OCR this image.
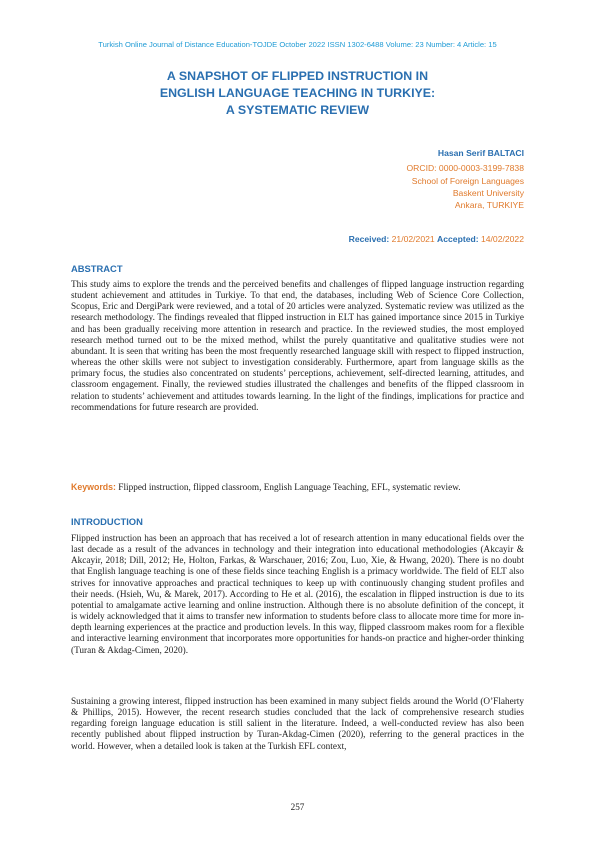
Turkish Online Journal of Distance Education-TOJDE October 2022 ISSN 1302-6488 Volume: 23 Number: 4 Article: 15
A SNAPSHOT OF FLIPPED INSTRUCTION IN
ENGLISH LANGUAGE TEACHING IN TURKIYE:
A SYSTEMATIC REVIEW
Hasan Serif BALTACI
ORCID: 0000-0003-3199-7838
School of Foreign Languages
Baskent University
Ankara, TURKIYE
Received: 21/02/2021 Accepted: 14/02/2022
ABSTRACT

This study aims to explore the trends and the perceived benefits and challenges of flipped language instruction regarding student achievement and attitudes in Turkiye. To that end, the databases, including Web of Science Core Collection, Scopus, Eric and DergiPark were reviewed, and a total of 20 articles were analyzed. Systematic review was utilized as the research methodology. The findings revealed that flipped instruction in ELT has gained importance since 2015 in Turkiye and has been gradually receiving more attention in research and practice. In the reviewed studies, the most employed research method turned out to be the mixed method, whilst the purely quantitative and qualitative studies were not abundant. It is seen that writing has been the most frequently researched language skill with respect to flipped instruction, whereas the other skills were not subject to investigation considerably. Furthermore, apart from language skills as the primary focus, the studies also concentrated on students’ perceptions, achievement, self-directed learning, attitudes, and classroom engagement. Finally, the reviewed studies illustrated the challenges and benefits of the flipped classroom in relation to students’ achievement and attitudes towards learning. In the light of the findings, implications for practice and recommendations for future research are provided.

Keywords: Flipped instruction, flipped classroom, English Language Teaching, EFL, systematic review.
INTRODUCTION

Flipped instruction has been an approach that has received a lot of research attention in many educational fields over the last decade as a result of the advances in technology and their integration into educational methodologies (Akcayir & Akcayir, 2018; Dill, 2012; He, Holton, Farkas, & Warschauer, 2016; Zou, Luo, Xie, & Hwang, 2020). There is no doubt that English language teaching is one of these fields since teaching English is a primacy worldwide. The field of ELT also strives for innovative approaches and practical techniques to keep up with continuously changing student profiles and their needs. (Hsieh, Wu, & Marek, 2017). According to He et al. (2016), the escalation in flipped instruction is due to its potential to amalgamate active learning and online instruction. Although there is no absolute definition of the concept, it is widely acknowledged that it aims to transfer new information to students before class to allocate more time for more in-depth learning experiences at the practice and production levels. In this way, flipped classroom makes room for a flexible and interactive learning environment that incorporates more opportunities for hands-on practice and higher-order thinking (Turan & Akdag-Cimen, 2020).

Sustaining a growing interest, flipped instruction has been examined in many subject fields around the World (O’Flaherty & Phillips, 2015). However, the recent research studies concluded that the lack of comprehensive research studies regarding foreign language education is still salient in the literature. Indeed, a well-conducted review has also been recently published about flipped instruction by Turan-Akdag-Cimen (2020), referring to the general practices in the world. However, when a detailed look is taken at the Turkish EFL context,

257
